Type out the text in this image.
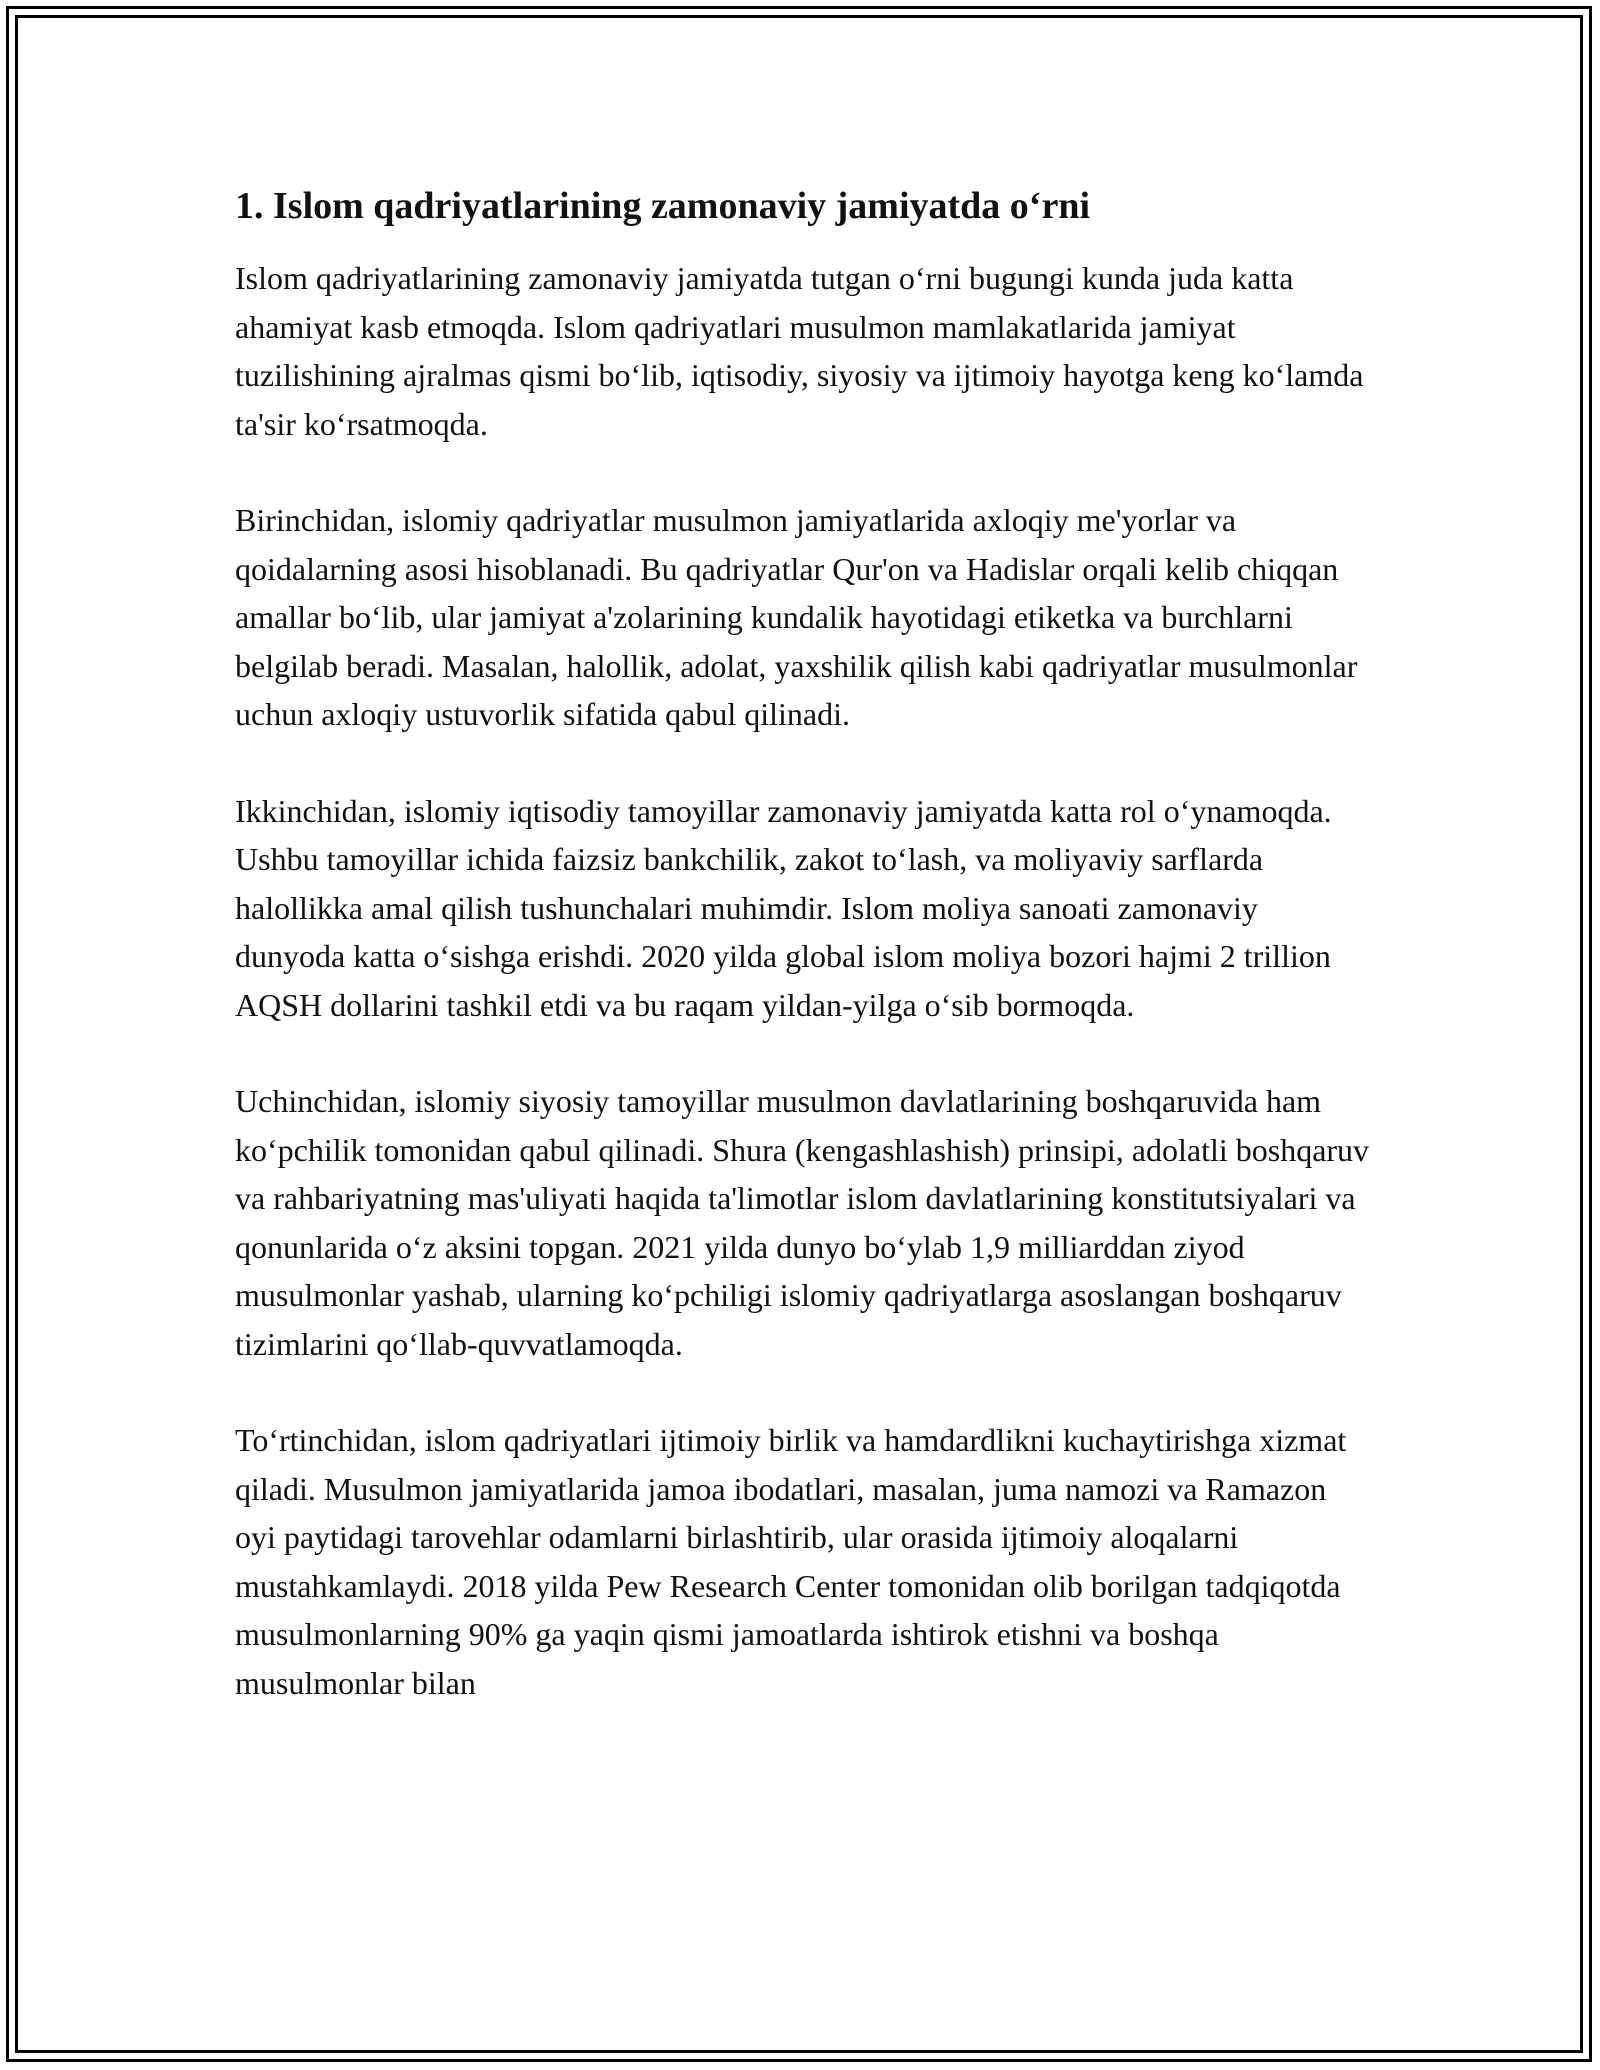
1. Islom qadriyatlarining zamonaviy jamiyatda o‘rni

Islom qadriyatlarining zamonaviy jamiyatda tutgan o‘rni bugungi kunda juda katta ahamiyat kasb etmoqda. Islom qadriyatlari musulmon mamlakatlarida jamiyat tuzilishining ajralmas qismi bo‘lib, iqtisodiy, siyosiy va ijtimoiy hayotga keng ko‘lamda ta'sir ko‘rsatmoqda.

Birinchidan, islomiy qadriyatlar musulmon jamiyatlarida axloqiy me'yorlar va qoidalarning asosi hisoblanadi. Bu qadriyatlar Qur'on va Hadislar orqali kelib chiqqan amallar bo‘lib, ular jamiyat a'zolarining kundalik hayotidagi etiketka va burchlarni belgilab beradi. Masalan, halollik, adolat, yaxshilik qilish kabi qadriyatlar musulmonlar uchun axloqiy ustuvorlik sifatida qabul qilinadi.

Ikkinchidan, islomiy iqtisodiy tamoyillar zamonaviy jamiyatda katta rol o‘ynamoqda. Ushbu tamoyillar ichida faizsiz bankchilik, zakot to‘lash, va moliyaviy sarflarda halollikka amal qilish tushunchalari muhimdir. Islom moliya sanoati zamonaviy dunyoda katta o‘sishga erishdi. 2020 yilda global islom moliya bozori hajmi 2 trillion AQSH dollarini tashkil etdi va bu raqam yildan-yilga o‘sib bormoqda.

Uchinchidan, islomiy siyosiy tamoyillar musulmon davlatlarining boshqaruvida ham ko‘pchilik tomonidan qabul qilinadi. Shura (kengashlashish) prinsipi, adolatli boshqaruv va rahbariyatning mas'uliyati haqida ta'limotlar islom davlatlarining konstitutsiyalari va qonunlarida o‘z aksini topgan. 2021 yilda dunyo bo‘ylab 1,9 milliarddan ziyod musulmonlar yashab, ularning ko‘pchiligi islomiy qadriyatlarga asoslangan boshqaruv tizimlarini qo‘llab-quvvatlamoqda.

To‘rtinchidan, islom qadriyatlari ijtimoiy birlik va hamdardlikni kuchaytirishga xizmat qiladi. Musulmon jamiyatlarida jamoa ibodatlari, masalan, juma namozi va Ramazon oyi paytidagi tarovehlar odamlarni birlashtirib, ular orasida ijtimoiy aloqalarni mustahkamlaydi. 2018 yilda Pew Research Center tomonidan olib borilgan tadqiqotda musulmonlarning 90% ga yaqin qismi jamoatlarda ishtirok etishni va boshqa musulmonlar bilan
